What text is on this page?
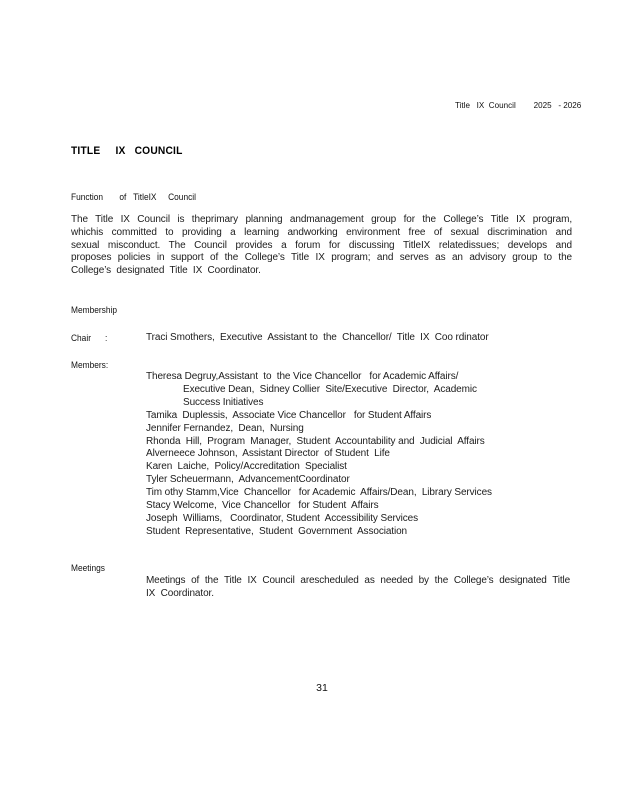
Title   IX  Council        2025   - 2026
TITLE     IX   COUNCIL
Function       of   TitleIX     Council
The Title IX Council is theprimary planning andmanagement group for the College’s Title IX program,
whichis committed to providing a learning andworking environment free of sexual discrimination and
sexual misconduct. The Council provides a forum for discussing TitleIX relatedissues; develops and
proposes policies in support of the College’s Title IX program; and serves as an advisory group to the
College’s  designated  Title  IX  Coordinator.
Membership
Chair :	Traci Smothers,  Executive  Assistant to  the  Chancellor/  Title  IX  Coo rdinator
Members:
Theresa Degruy,Assistant  to  the Vice Chancellor   for Academic Affairs/
Executive Dean,  Sidney Collier  Site/Executive  Director,  Academic
Success Initiatives
Tamika  Duplessis,  Associate Vice Chancellor   for Student Affairs
Jennifer Fernandez,  Dean,  Nursing
Rhonda  Hill,  Program  Manager,  Student  Accountability and  Judicial  Affairs
Alverneece Johnson,  Assistant Director  of Student  Life
Karen  Laiche,  Policy/Accreditation  Specialist
Tyler Scheuermann,  AdvancementCoordinator
Tim othy Stamm,Vice  Chancellor   for Academic  Affairs/Dean,  Library Services
Stacy Welcome,  Vice Chancellor   for Student  Affairs
Joseph  Williams,   Coordinator, Student  Accessibility Services
Student  Representative,  Student  Government  Association
Meetings
Meetings of the Title IX Council arescheduled as needed by the College’s designated Title
IX  Coordinator.
31
